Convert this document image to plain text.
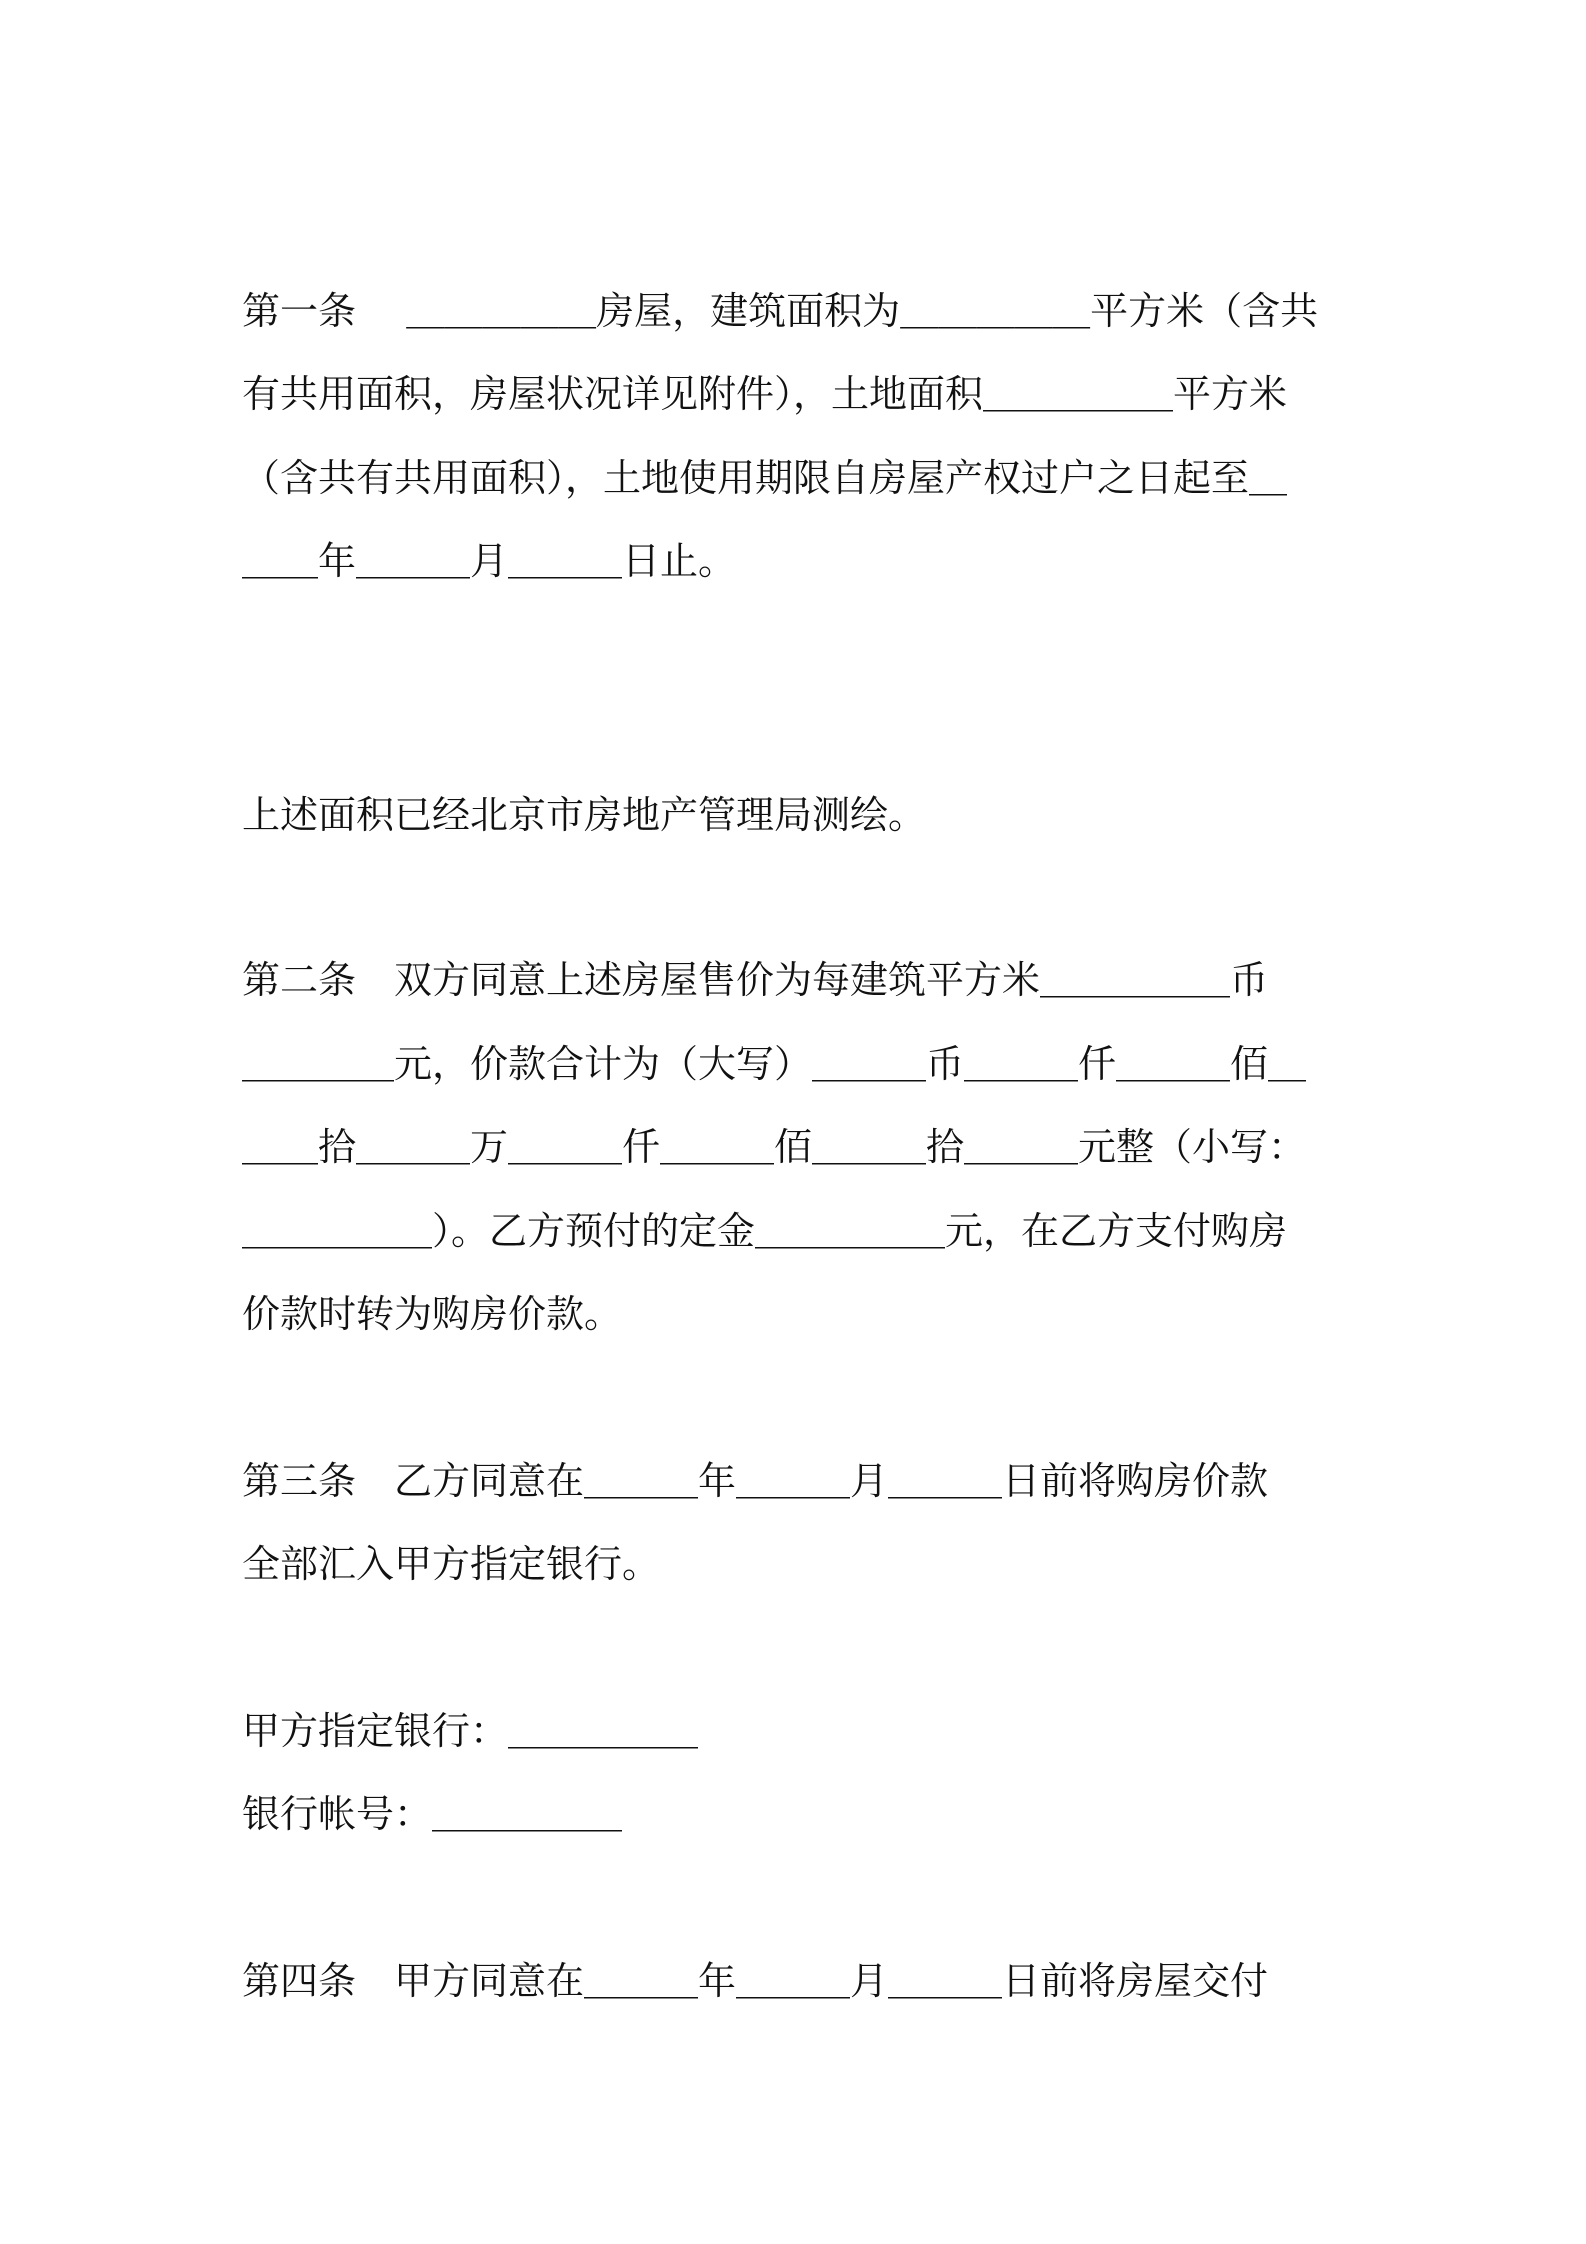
第一条　 ＿＿＿＿＿房屋，建筑面积为＿＿＿＿＿平方米（含共
有共用面积，房屋状况详见附件），土地面积＿＿＿＿＿平方米
（含共有共用面积），土地使用期限自房屋产权过户之日起至＿
＿＿年＿＿＿月＿＿＿日止。
上述面积已经北京市房地产管理局测绘。
第二条　双方同意上述房屋售价为每建筑平方米＿＿＿＿＿币
＿＿＿＿元，价款合计为（大写）＿＿＿币＿＿＿仟＿＿＿佰＿
＿＿拾＿＿＿万＿＿＿仟＿＿＿佰＿＿＿拾＿＿＿元整（小写：
＿＿＿＿＿）。乙方预付的定金＿＿＿＿＿元，在乙方支付购房
价款时转为购房价款。
第三条　乙方同意在＿＿＿年＿＿＿月＿＿＿日前将购房价款
全部汇入甲方指定银行。
甲方指定银行：＿＿＿＿＿
银行帐号：＿＿＿＿＿
第四条　甲方同意在＿＿＿年＿＿＿月＿＿＿日前将房屋交付
